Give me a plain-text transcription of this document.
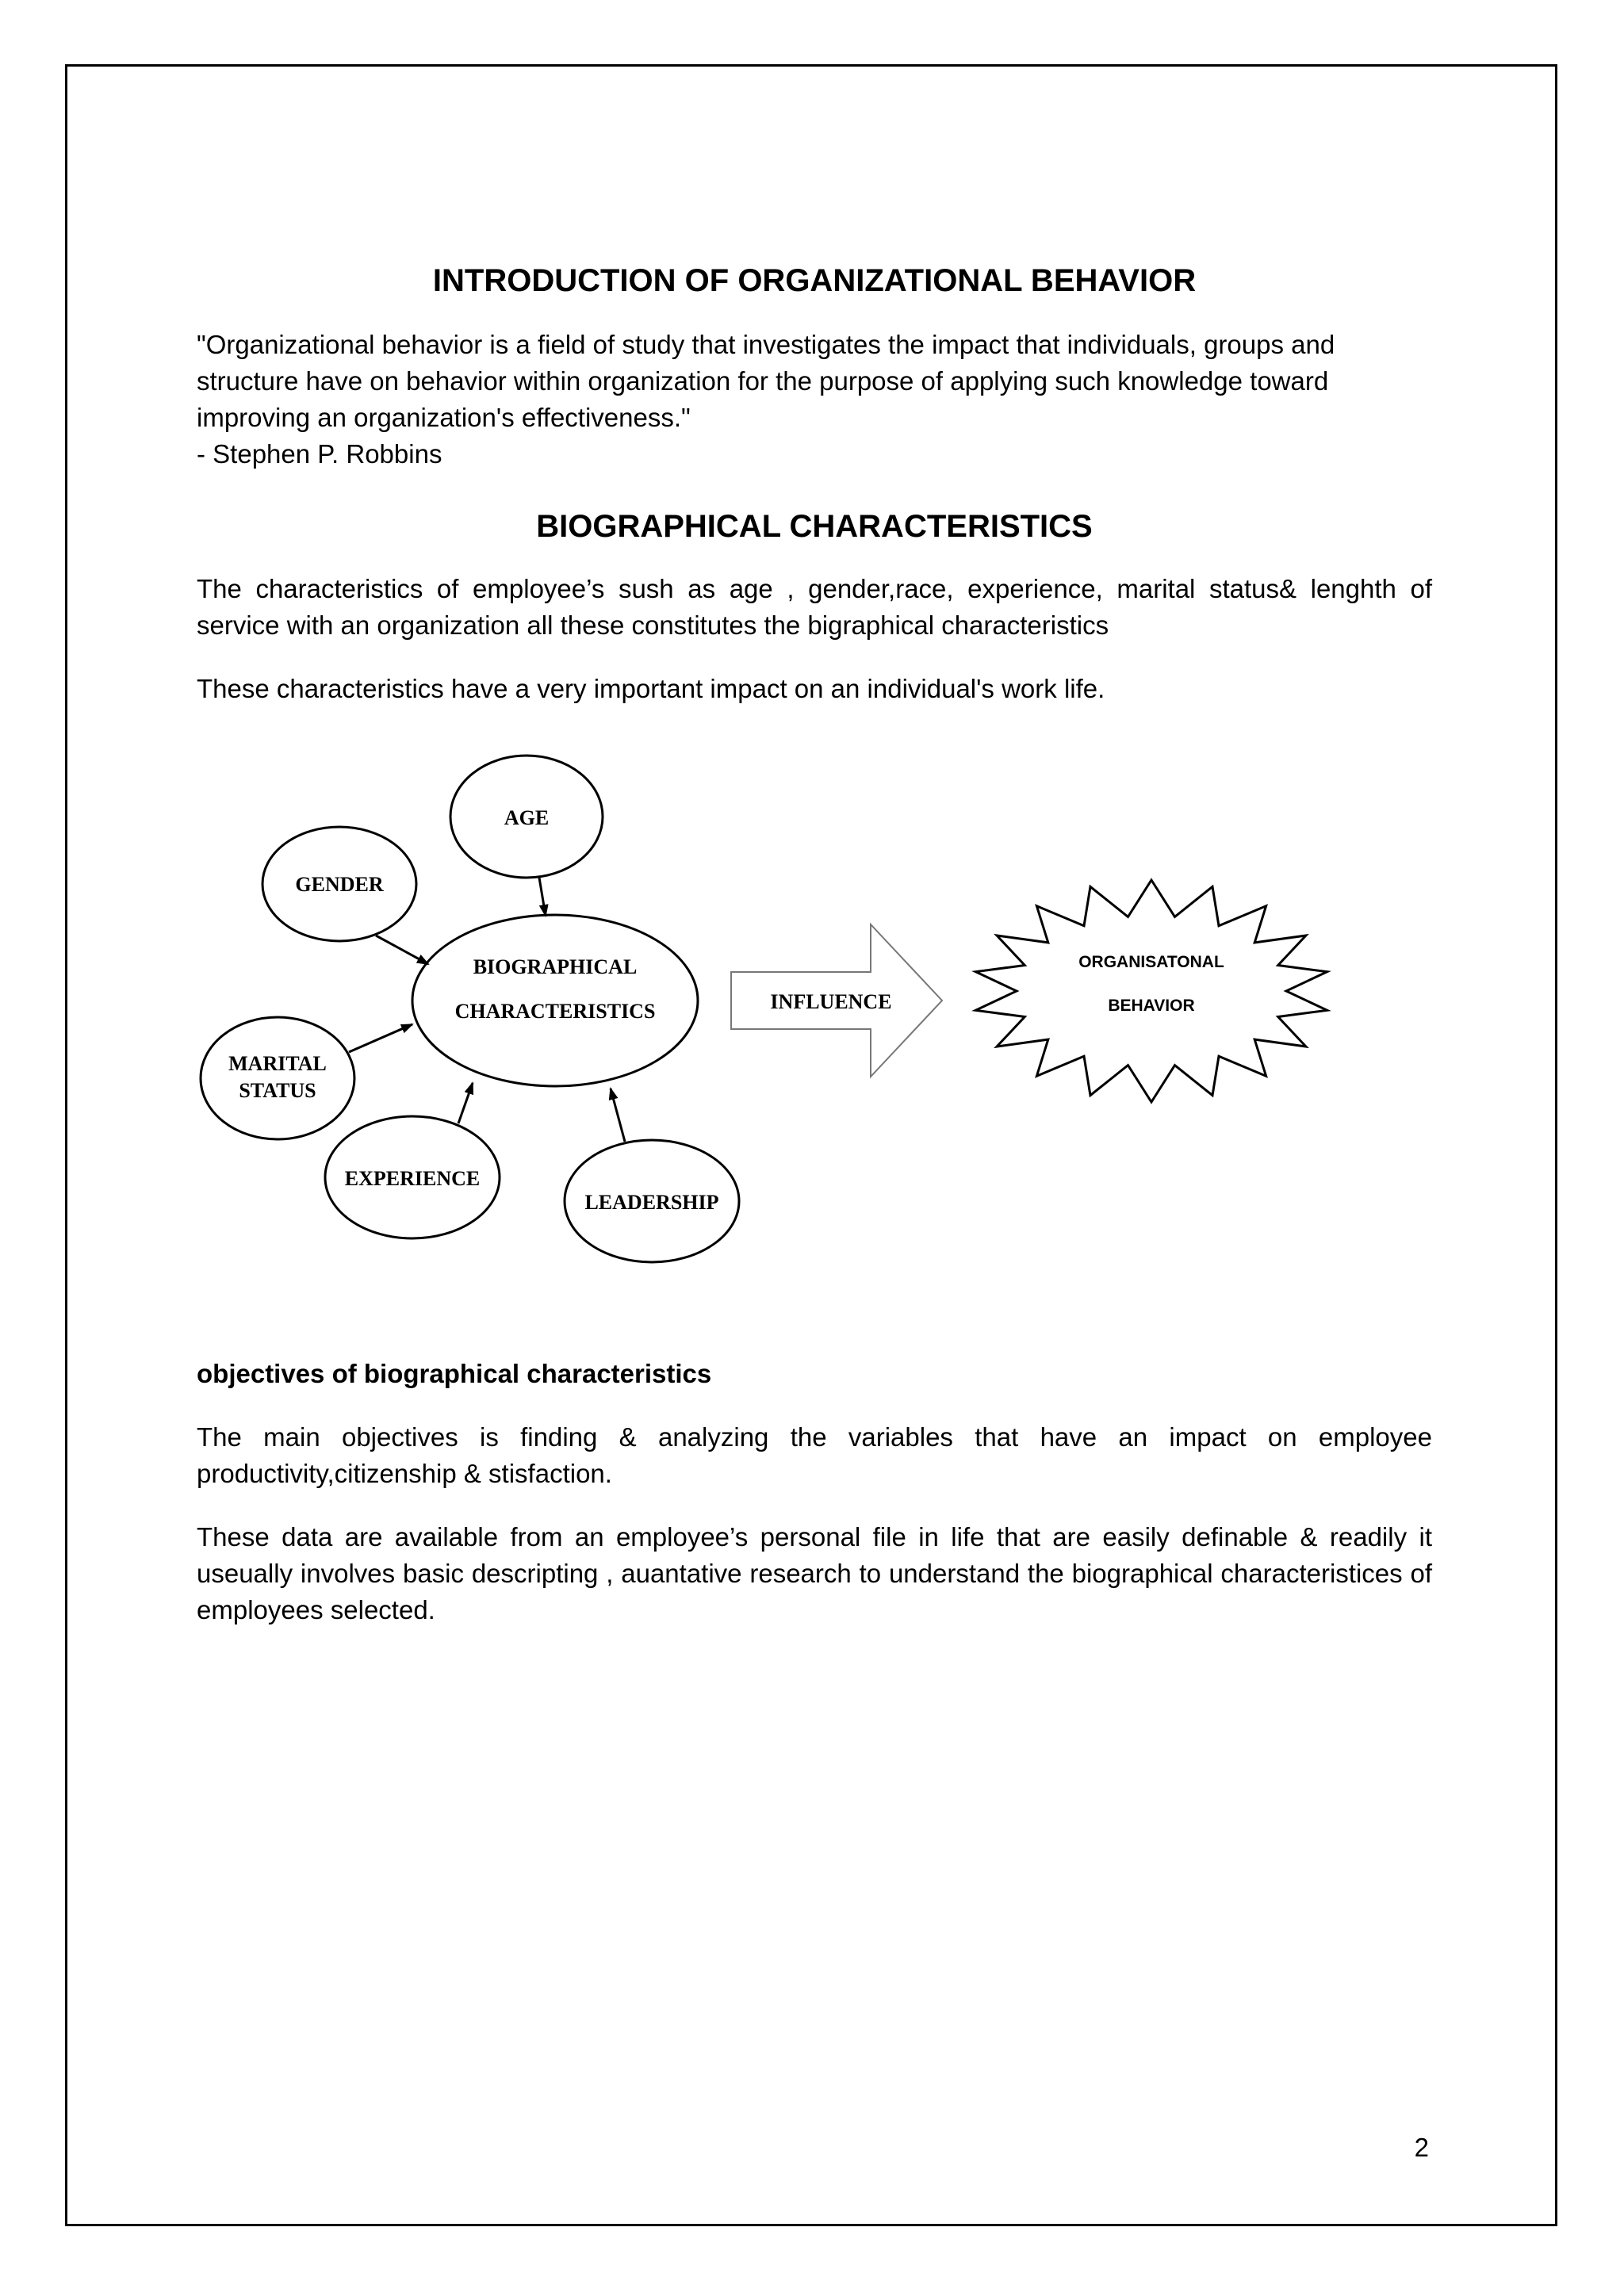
INTRODUCTION OF ORGANIZATIONAL BEHAVIOR

"Organizational behavior is a field of study that investigates the impact that individuals, groups and structure have on behavior within organization for the purpose of applying such knowledge toward improving an organization's effectiveness."

- Stephen P. Robbins

BIOGRAPHICAL CHARACTERISTICS

The characteristics of employee’s sush as age , gender,race, experience, marital status& lenghth of service with an organization all these constitutes the bigraphical characteristics

These characteristics have a very important impact on an individual's work life.

BIOGRAPHICAL
CHARACTERISTICS
AGE
GENDER
MARITAL
STATUS
EXPERIENCE
LEADERSHIP
INFLUENCE
ORGANISATONAL
BEHAVIOR
objectives of biographical characteristics

The main objectives is finding & analyzing the variables that have an impact on employee productivity,citizenship & stisfaction.

These data are available from an employee’s personal file in life that are easily definable & readily it useually involves basic descripting , auantative research to understand the biographical characteristices of employees selected.

2
